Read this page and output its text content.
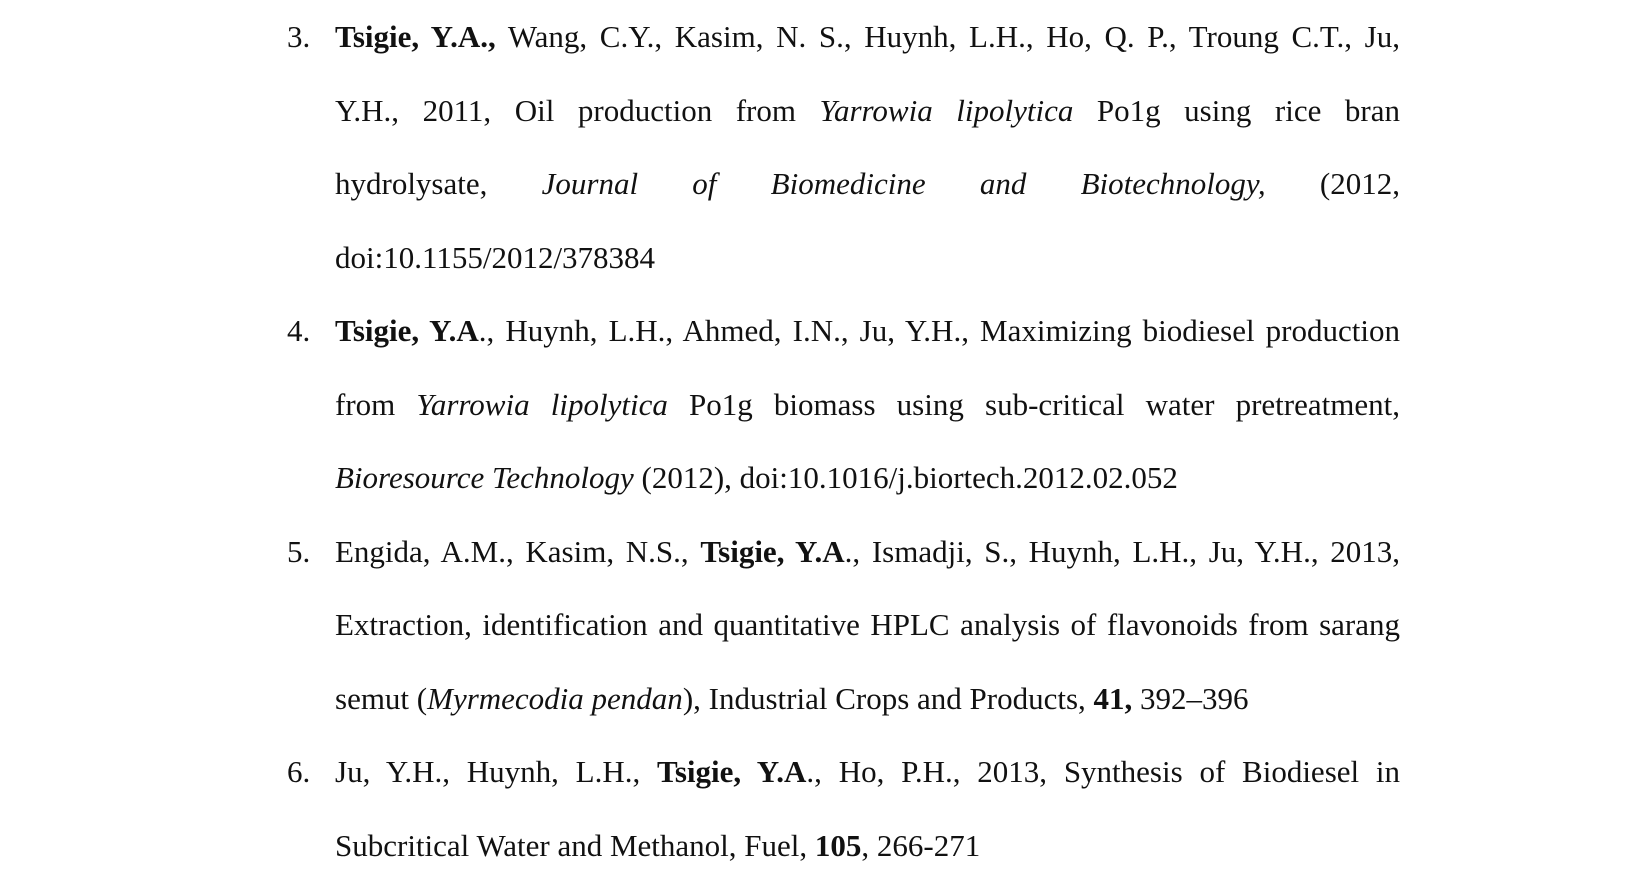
3. Tsigie, Y.A., Wang, C.Y., Kasim, N. S., Huynh, L.H., Ho, Q. P., Troung C.T., Ju, Y.H., 2011, Oil production from Yarrowia lipolytica Po1g using rice bran hydrolysate, Journal of Biomedicine and Biotechnology, (2012, doi:10.1155/2012/378384
4. Tsigie, Y.A., Huynh, L.H., Ahmed, I.N., Ju, Y.H., Maximizing biodiesel production from Yarrowia lipolytica Po1g biomass using sub-critical water pretreatment, Bioresource Technology (2012), doi:10.1016/j.biortech.2012.02.052
5. Engida, A.M., Kasim, N.S., Tsigie, Y.A., Ismadji, S., Huynh, L.H., Ju, Y.H., 2013, Extraction, identification and quantitative HPLC analysis of flavonoids from sarang semut (Myrmecodia pendan), Industrial Crops and Products, 41, 392–396
6. Ju, Y.H., Huynh, L.H., Tsigie, Y.A., Ho, P.H., 2013, Synthesis of Biodiesel in Subcritical Water and Methanol, Fuel, 105, 266-271
